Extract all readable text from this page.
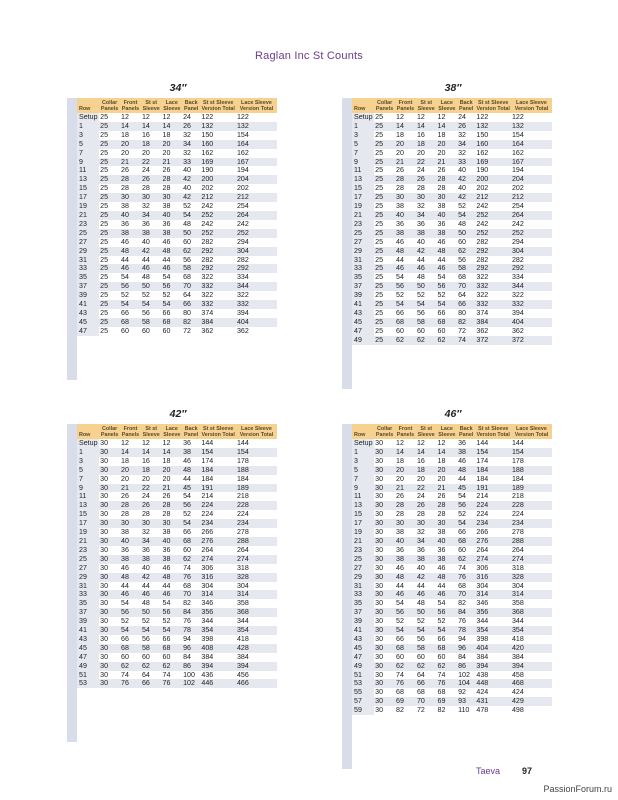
Raglan Inc St Counts
34″
Row	Collar Panels	Front Panels	St st Sleeve	Lace Sleeve	Back Panel	St st Sleeve Version Total	Lace Sleeve Version Total
Setup	25	12	12	12	24	122	122
1	25	14	14	14	26	132	132
3	25	18	16	18	32	150	154
5	25	20	18	20	34	160	164
7	25	20	20	20	32	162	162
9	25	21	22	21	33	169	167
11	25	26	24	26	40	190	194
13	25	28	26	28	42	200	204
15	25	28	28	28	40	202	202
17	25	30	30	30	42	212	212
19	25	38	32	38	52	242	254
21	25	40	34	40	54	252	264
23	25	36	36	36	48	242	242
25	25	38	38	38	50	252	252
27	25	46	40	46	60	282	294
29	25	48	42	48	62	292	304
31	25	44	44	44	56	282	282
33	25	46	46	46	58	292	292
35	25	54	48	54	68	322	334
37	25	56	50	56	70	332	344
39	25	52	52	52	64	322	322
41	25	54	54	54	66	332	332
43	25	66	56	66	80	374	394
45	25	68	58	68	82	384	404
47	25	60	60	60	72	362	362
38″
Row	Collar Panels	Front Panels	St st Sleeve	Lace Sleeve	Back Panel	St st Sleeve Version Total	Lace Sleeve Version Total
Setup	25	12	12	12	24	122	122
1	25	14	14	14	26	132	132
3	25	18	16	18	32	150	154
5	25	20	18	20	34	160	164
7	25	20	20	20	32	162	162
9	25	21	22	21	33	169	167
11	25	26	24	26	40	190	194
13	25	28	26	28	42	200	204
15	25	28	28	28	40	202	202
17	25	30	30	30	42	212	212
19	25	38	32	38	52	242	254
21	25	40	34	40	54	252	264
23	25	36	36	36	48	242	242
25	25	38	38	38	50	252	252
27	25	46	40	46	60	282	294
29	25	48	42	48	62	292	304
31	25	44	44	44	56	282	282
33	25	46	46	46	58	292	292
35	25	54	48	54	68	322	334
37	25	56	50	56	70	332	344
39	25	52	52	52	64	322	322
41	25	54	54	54	66	332	332
43	25	66	56	66	80	374	394
45	25	68	58	68	82	384	404
47	25	60	60	60	72	362	362
49	25	62	62	62	74	372	372
42″
Row	Collar Panels	Front Panels	St st Sleeve	Lace Sleeve	Back Panel	St st Sleeve Version Total	Lace Sleeve Version Total
Setup	30	12	12	12	36	144	144
1	30	14	14	14	38	154	154
3	30	18	16	18	46	174	178
5	30	20	18	20	48	184	188
7	30	20	20	20	44	184	184
9	30	21	22	21	45	191	189
11	30	26	24	26	54	214	218
13	30	28	26	28	56	224	228
15	30	28	28	28	52	224	224
17	30	30	30	30	54	234	234
19	30	38	32	38	66	266	278
21	30	40	34	40	68	276	288
23	30	36	36	36	60	264	264
25	30	38	38	38	62	274	274
27	30	46	40	46	74	306	318
29	30	48	42	48	76	316	328
31	30	44	44	44	68	304	304
33	30	46	46	46	70	314	314
35	30	54	48	54	82	346	358
37	30	56	50	56	84	356	368
39	30	52	52	52	76	344	344
41	30	54	54	54	78	354	354
43	30	66	56	66	94	398	418
45	30	68	58	68	96	408	428
47	30	60	60	60	84	384	384
49	30	62	62	62	86	394	394
51	30	74	64	74	100	436	456
53	30	76	66	76	102	446	466
46″
Row	Collar Panels	Front Panels	St st Sleeve	Lace Sleeve	Back Panel	St st Sleeve Version Total	Lace Sleeve Version Total
Setup	30	12	12	12	36	144	144
1	30	14	14	14	38	154	154
3	30	18	16	18	46	174	178
5	30	20	18	20	48	184	188
7	30	20	20	20	44	184	184
9	30	21	22	21	45	191	189
11	30	26	24	26	54	214	218
13	30	28	26	28	56	224	228
15	30	28	28	28	52	224	224
17	30	30	30	30	54	234	234
19	30	38	32	38	66	266	278
21	30	40	34	40	68	276	288
23	30	36	36	36	60	264	264
25	30	38	38	38	62	274	274
27	30	46	40	46	74	306	318
29	30	48	42	48	76	316	328
31	30	44	44	44	68	304	304
33	30	46	46	46	70	314	314
35	30	54	48	54	82	346	358
37	30	56	50	56	84	356	368
39	30	52	52	52	76	344	344
41	30	54	54	54	78	354	354
43	30	66	56	66	94	398	418
45	30	68	58	68	96	404	420
47	30	60	60	60	84	384	384
49	30	62	62	62	86	394	394
51	30	74	64	74	102	438	458
53	30	76	66	76	104	448	468
55	30	68	68	68	92	424	424
57	30	69	70	69	93	431	429
59	30	82	72	82	110	478	498
Taeva 97
PassionForum.ru
